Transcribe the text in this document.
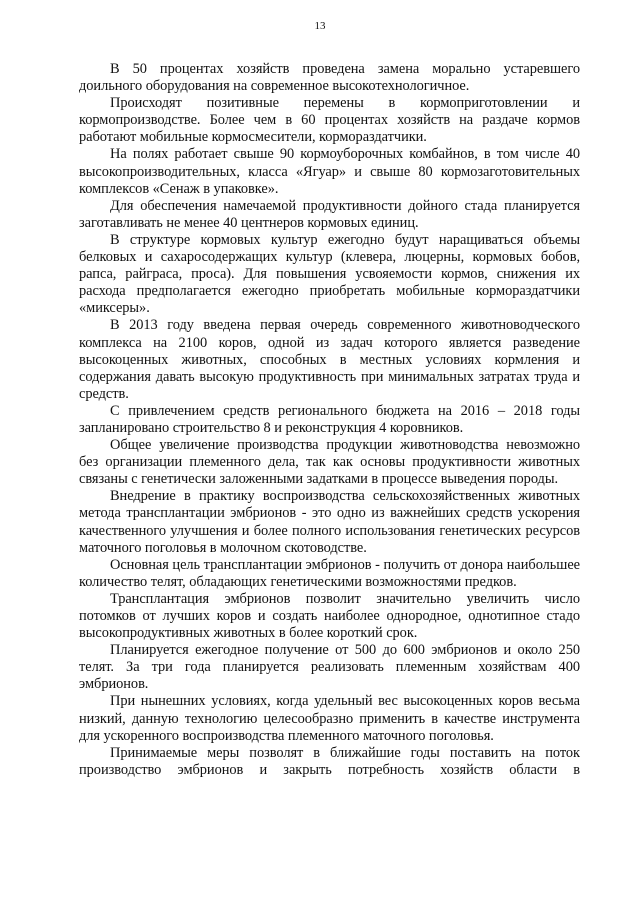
13

В 50 процентах хозяйств проведена замена морально устаревшего доильного оборудования на современное высокотехнологичное.

Происходят позитивные перемены в кормоприготовлении и кормопроизводстве. Более чем в 60 процентах хозяйств на раздаче кормов работают мобильные кормосмесители, кормораздатчики.

На полях работает свыше 90 кормоуборочных комбайнов, в том числе 40 высокопроизводительных, класса «Ягуар» и свыше 80 кормозаготовительных комплексов «Сенаж в упаковке».

Для обеспечения намечаемой продуктивности дойного стада планируется заготавливать не менее 40 центнеров кормовых единиц.

В структуре кормовых культур ежегодно будут наращиваться объемы белковых и сахаросодержащих культур (клевера, люцерны, кормовых бобов, рапса, райграса, проса). Для повышения усвояемости кормов, снижения их расхода предполагается ежегодно приобретать мобильные кормораздатчики «миксеры».

В 2013 году введена первая очередь современного животноводческого комплекса на 2100 коров, одной из задач которого является разведение высокоценных животных, способных в местных условиях кормления и содержания давать высокую продуктивность при минимальных затратах труда и средств.

С привлечением средств регионального бюджета на 2016 – 2018 годы запланировано строительство 8 и реконструкция 4 коровников.

Общее увеличение производства продукции животноводства невозможно без организации племенного дела, так как основы продуктивности животных связаны с генетически заложенными задатками в процессе выведения породы.

Внедрение в практику воспроизводства сельскохозяйственных животных метода трансплантации эмбрионов - это одно из важнейших средств ускорения качественного улучшения и более полного использования генетических ресурсов маточного поголовья в молочном скотоводстве.

Основная цель трансплантации эмбрионов - получить от донора наибольшее количество телят, обладающих генетическими возможностями предков.

Трансплантация эмбрионов позволит значительно увеличить число потомков от лучших коров и создать наиболее однородное, однотипное стадо высокопродуктивных животных в более короткий срок.

Планируется ежегодное получение от 500 до 600 эмбрионов и около 250 телят. За три года планируется реализовать племенным хозяйствам 400 эмбрионов.

При нынешних условиях, когда удельный вес высокоценных коров весьма низкий, данную технологию целесообразно применить в качестве инструмента для ускоренного воспроизводства племенного маточного поголовья.

Принимаемые меры позволят в ближайшие годы поставить на поток производство эмбрионов и закрыть потребность хозяйств области в
